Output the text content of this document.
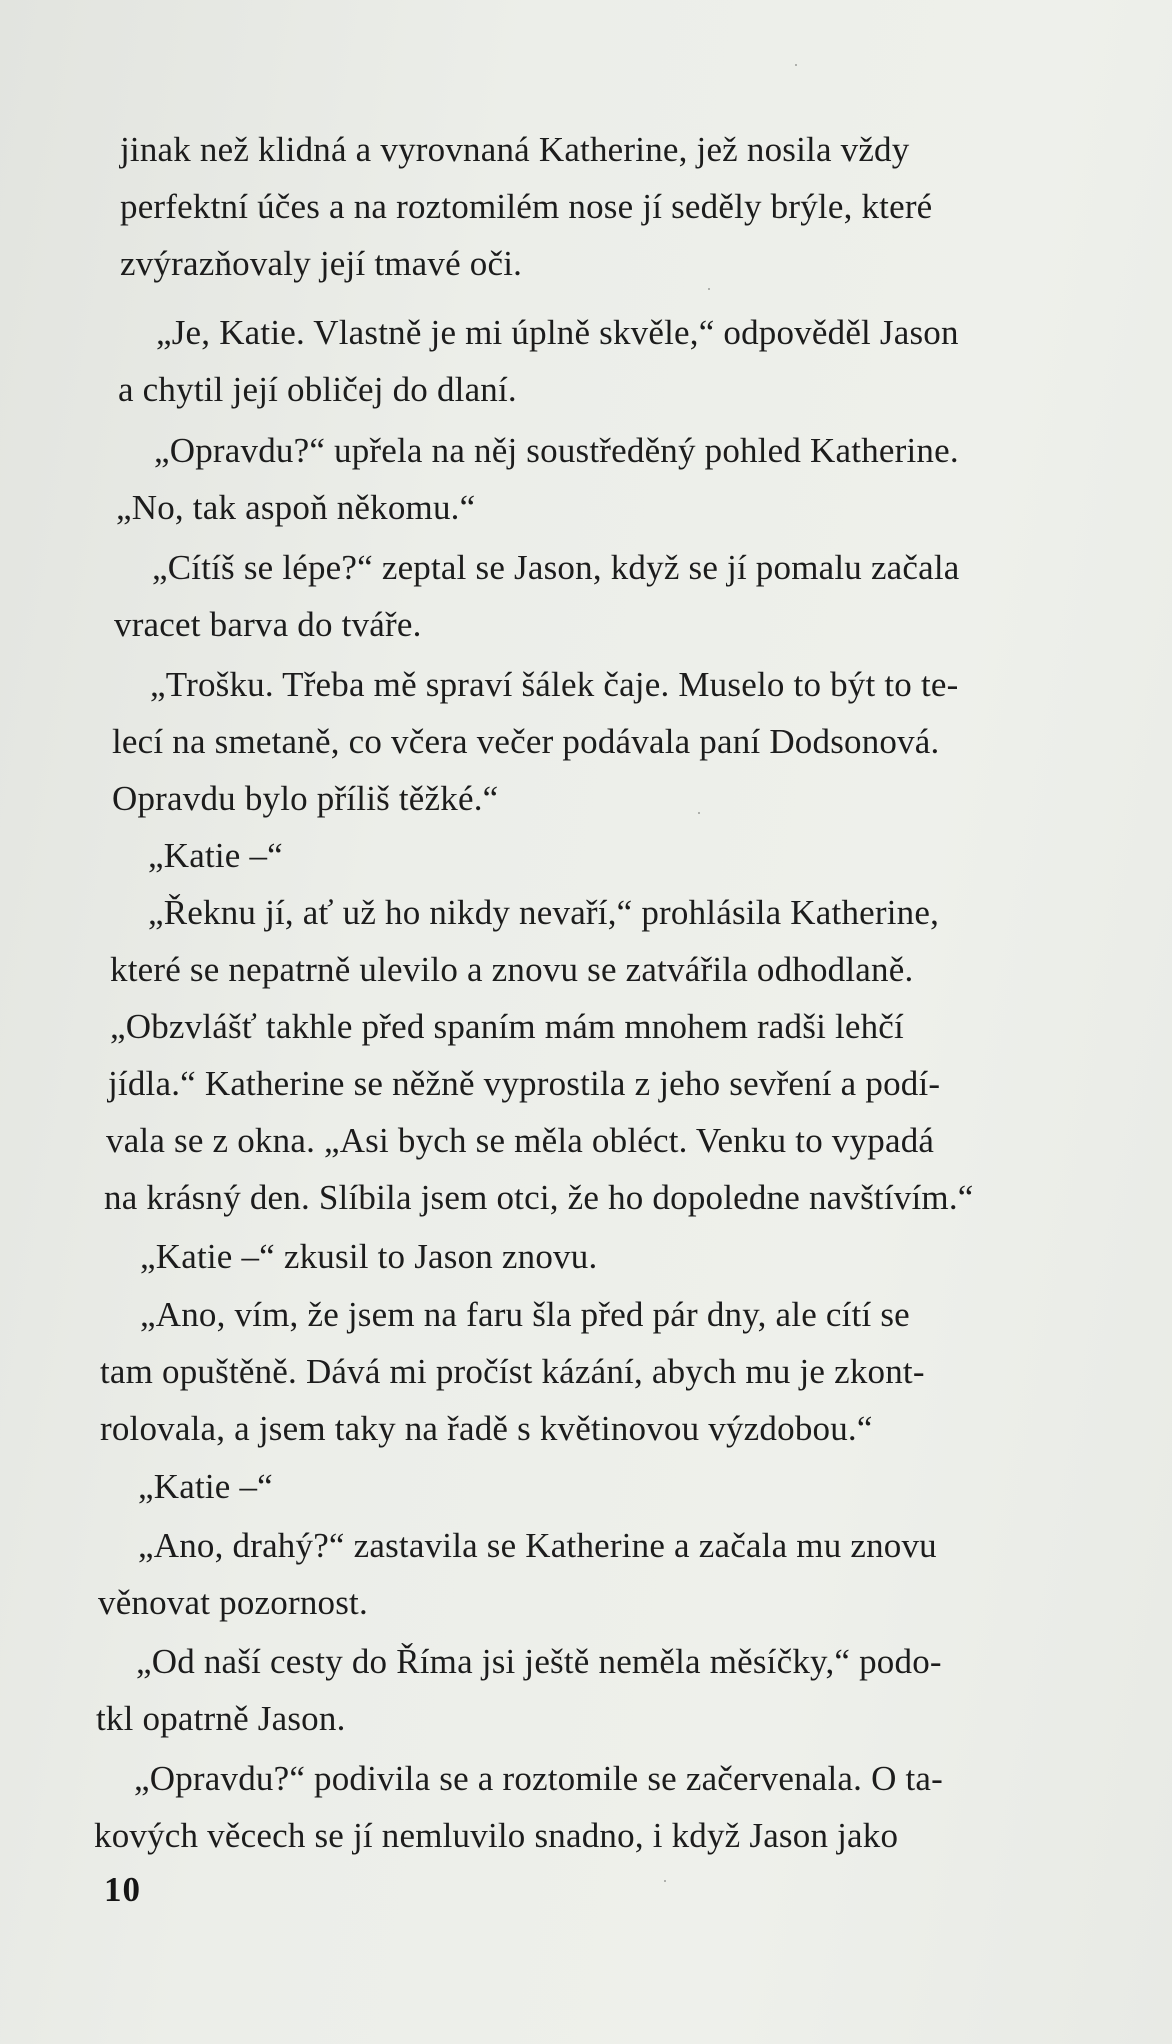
jinak než klidná a vyrovnaná Katherine, jež nosila vždy
perfektní účes a na roztomilém nose jí seděly brýle, které
zvýrazňovaly její tmavé oči.
„Je, Katie. Vlastně je mi úplně skvěle,“ odpověděl Jason
a chytil její obličej do dlaní.
„Opravdu?“ upřela na něj soustředěný pohled Katherine.
„No, tak aspoň někomu.“
„Cítíš se lépe?“ zeptal se Jason, když se jí pomalu začala
vracet barva do tváře.
„Trošku. Třeba mě spraví šálek čaje. Muselo to být to te-
lecí na smetaně, co včera večer podávala paní Dodsonová.
Opravdu bylo příliš těžké.“
„Katie –“
„Řeknu jí, ať už ho nikdy nevaří,“ prohlásila Katherine,
které se nepatrně ulevilo a znovu se zatvářila odhodlaně.
„Obzvlášť takhle před spaním mám mnohem radši lehčí
jídla.“ Katherine se něžně vyprostila z jeho sevření a podí-
vala se z okna. „Asi bych se měla obléct. Venku to vypadá
na krásný den. Slíbila jsem otci, že ho dopoledne navštívím.“
„Katie –“ zkusil to Jason znovu.
„Ano, vím, že jsem na faru šla před pár dny, ale cítí se
tam opuštěně. Dává mi pročíst kázání, abych mu je zkont-
rolovala, a jsem taky na řadě s květinovou výzdobou.“
„Katie –“
„Ano, drahý?“ zastavila se Katherine a začala mu znovu
věnovat pozornost.
„Od naší cesty do Říma jsi ještě neměla měsíčky,“ podo-
tkl opatrně Jason.
„Opravdu?“ podivila se a roztomile se začervenala. O ta-
kových věcech se jí nemluvilo snadno, i když Jason jako
10
